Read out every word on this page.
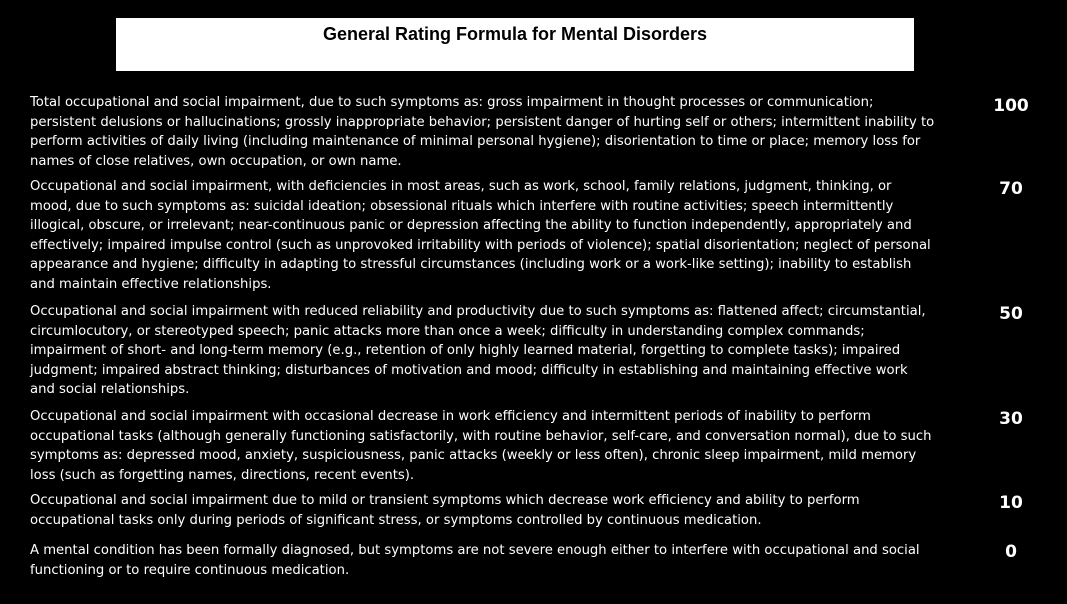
General Rating Formula for Mental Disorders
Total occupational and social impairment, due to such symptoms as: gross impairment in thought processes or communication; persistent delusions or hallucinations; grossly inappropriate behavior; persistent danger of hurting self or others; intermittent inability to perform activities of daily living (including maintenance of minimal personal hygiene); disorientation to time or place; memory loss for names of close relatives, own occupation, or own name.
100
Occupational and social impairment, with deficiencies in most areas, such as work, school, family relations, judgment, thinking, or mood, due to such symptoms as: suicidal ideation; obsessional rituals which interfere with routine activities; speech intermittently illogical, obscure, or irrelevant; near-continuous panic or depression affecting the ability to function independently, appropriately and effectively; impaired impulse control (such as unprovoked irritability with periods of violence); spatial disorientation; neglect of personal appearance and hygiene; difficulty in adapting to stressful circumstances (including work or a work-like setting); inability to establish and maintain effective relationships.
70
Occupational and social impairment with reduced reliability and productivity due to such symptoms as: flattened affect; circumstantial, circumlocutory, or stereotyped speech; panic attacks more than once a week; difficulty in understanding complex commands; impairment of short- and long-term memory (e.g., retention of only highly learned material, forgetting to complete tasks); impaired judgment; impaired abstract thinking; disturbances of motivation and mood; difficulty in establishing and maintaining effective work and social relationships.
50
Occupational and social impairment with occasional decrease in work efficiency and intermittent periods of inability to perform occupational tasks (although generally functioning satisfactorily, with routine behavior, self-care, and conversation normal), due to such symptoms as: depressed mood, anxiety, suspiciousness, panic attacks (weekly or less often), chronic sleep impairment, mild memory loss (such as forgetting names, directions, recent events).
30
Occupational and social impairment due to mild or transient symptoms which decrease work efficiency and ability to perform occupational tasks only during periods of significant stress, or symptoms controlled by continuous medication.
10
A mental condition has been formally diagnosed, but symptoms are not severe enough either to interfere with occupational and social functioning or to require continuous medication.
0
